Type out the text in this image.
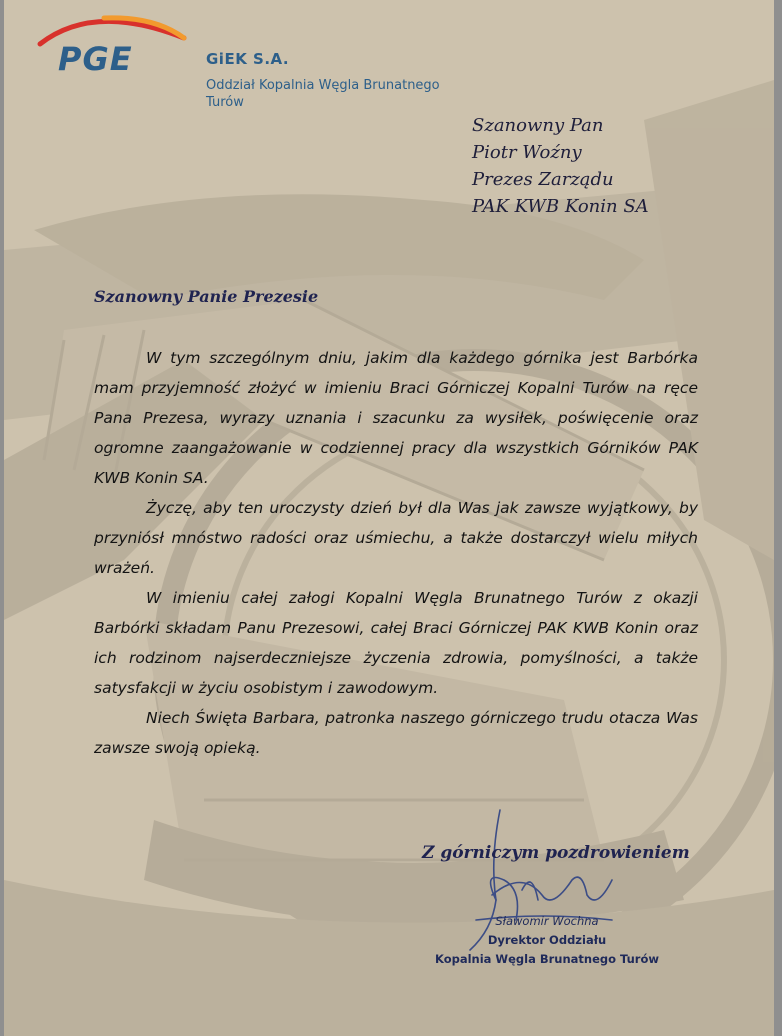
PGE	GiEK S.A.
Oddział Kopalnia Węgla Brunatnego Turów
Szanowny Pan
Piotr Woźny
Prezes Zarządu
PAK KWB Konin SA
Szanowny Panie Prezesie

W tym szczególnym dniu, jakim dla każdego górnika jest Barbórka mam przyjemność złożyć w imieniu Braci Górniczej Kopalni Turów na ręce Pana Prezesa, wyrazy uznania i szacunku za wysiłek, poświęcenie oraz ogromne zaangażowanie w codziennej pracy dla wszystkich Górników PAK KWB Konin SA.

Życzę, aby ten uroczysty dzień był dla Was jak zawsze wyjątkowy, by przyniósł mnóstwo radości oraz uśmiechu, a także dostarczył wielu miłych wrażeń.

W imieniu całej załogi Kopalni Węgla Brunatnego Turów z okazji Barbórki składam Panu Prezesowi, całej Braci Górniczej PAK KWB Konin oraz ich rodzinom najserdeczniejsze życzenia zdrowia, pomyślności, a także satysfakcji w życiu osobistym i zawodowym.

Niech Święta Barbara, patronka naszego górniczego trudu otacza Was zawsze swoją opieką.

Z górniczym pozdrowieniem
Sławomir Wochna
Dyrektor Oddziału
Kopalnia Węgla Brunatnego Turów
